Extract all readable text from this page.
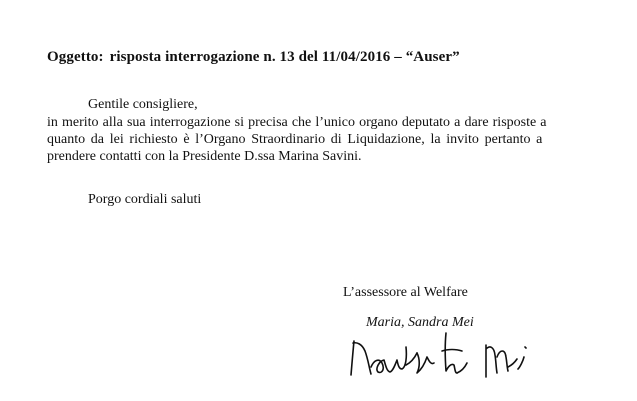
Oggetto: risposta interrogazione n. 13 del 11/04/2016 – “Auser”
Gentile consigliere,
in merito alla sua interrogazione si precisa che l’unico organo deputato a dare risposte a
quanto da lei richiesto è l’Organo Straordinario di Liquidazione, la invito pertanto a
prendere contatti con la Presidente D.ssa Marina Savini.
Porgo cordiali saluti
L’assessore al Welfare
Maria, Sandra Mei
